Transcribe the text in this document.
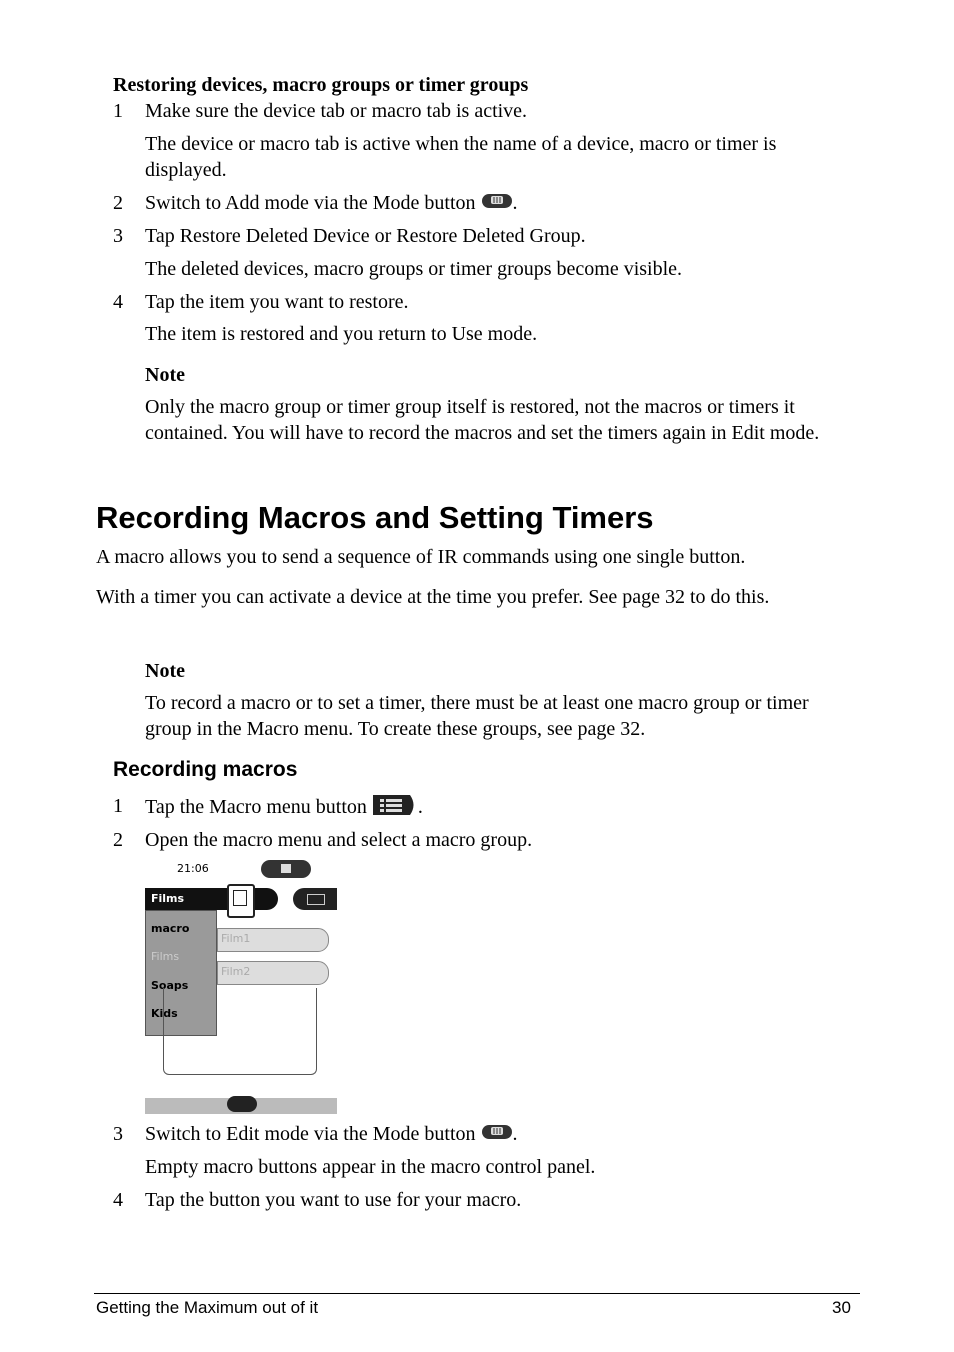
Restoring devices, macro groups or timer groups
1 Make sure the device tab or macro tab is active.
The device or macro tab is active when the name of a device, macro or timer is displayed.
2 Switch to Add mode via the Mode button .
3 Tap Restore Deleted Device or Restore Deleted Group.
The deleted devices, macro groups or timer groups become visible.
4 Tap the item you want to restore.
The item is restored and you return to Use mode.
Note
Only the macro group or timer group itself is restored, not the macros or timers it contained. You will have to record the macros and set the timers again in Edit mode.
Recording Macros and Setting Timers
A macro allows you to send a sequence of IR commands using one single button.
With a timer you can activate a device at the time you prefer. See page 32 to do this.
Note
To record a macro or to set a timer, there must be at least one macro group or timer group in the Macro menu. To create these groups, see page 32.
Recording macros
1 Tap the Macro menu button	.
2 Open the macro menu and select a macro group.
21:06
Films
macro
Films
Soaps
Kids
Film1
Film2
3 Switch to Edit mode via the Mode button .
Empty macro buttons appear in the macro control panel.
4 Tap the button you want to use for your macro.
Getting the Maximum out of it	30
